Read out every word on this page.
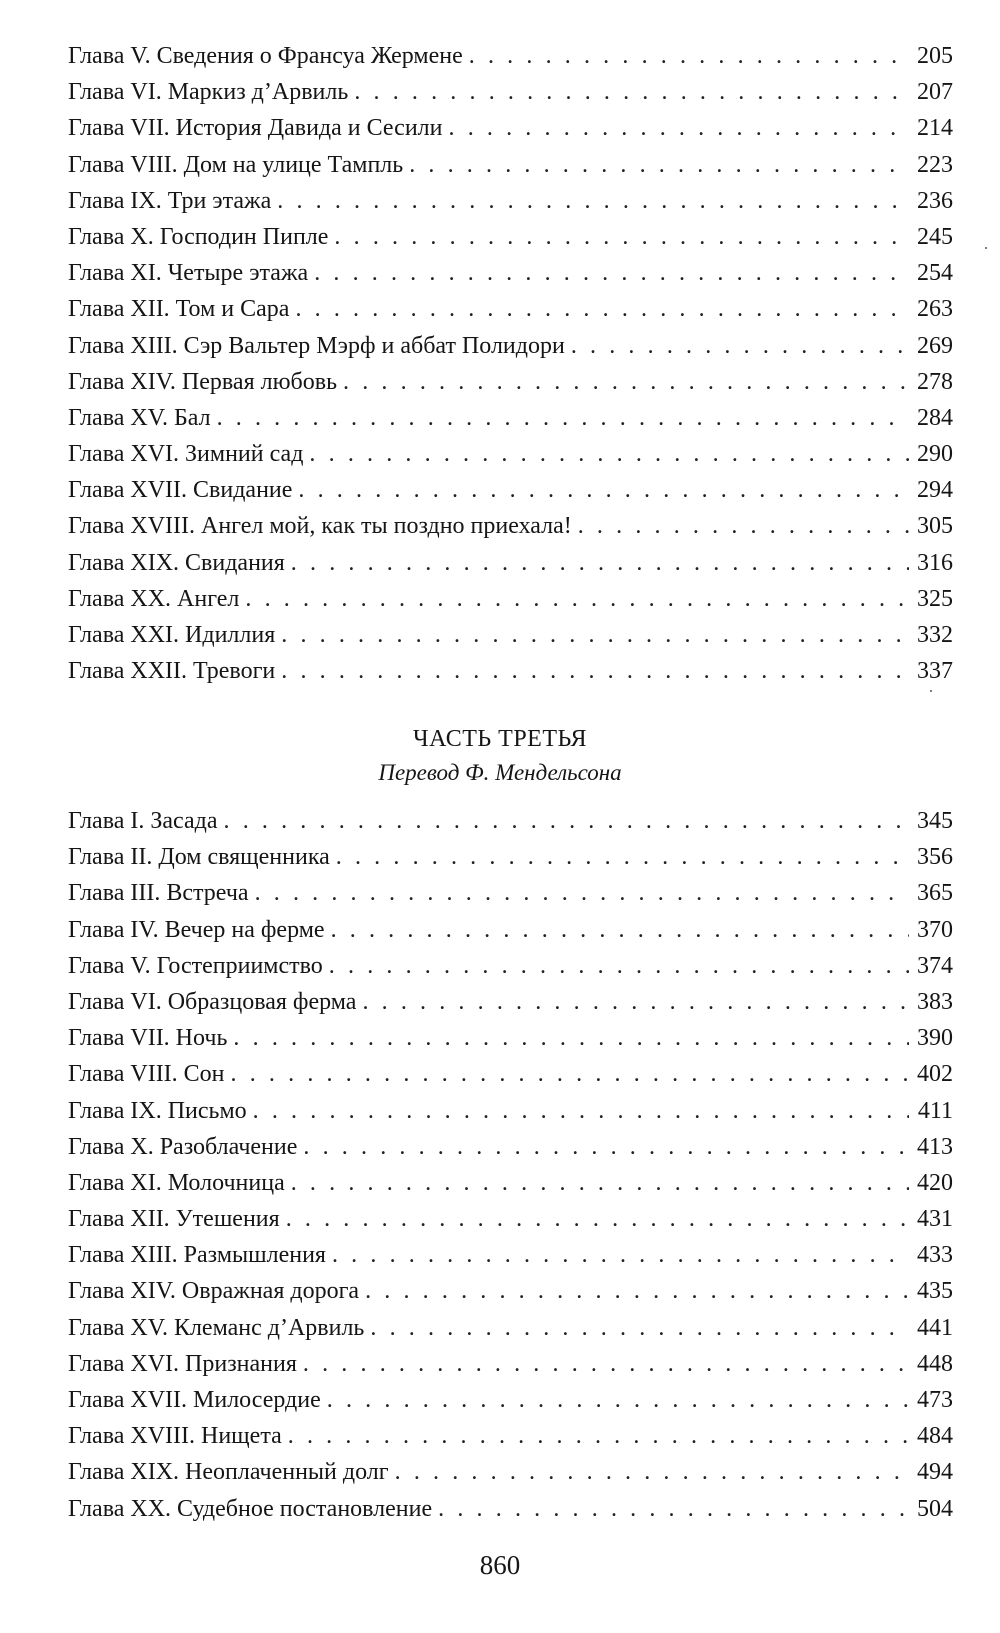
Глава V. Сведения о Франсуа Жермене . . .	205
Глава VI. Маркиз д’Арвиль . . .	207
Глава VII. История Давида и Сесили . . .	214
Глава VIII. Дом на улице Тампль . . .	223
Глава IX. Три этажа . . .	236
Глава X. Господин Пипле . . .	245
Глава XI. Четыре этажа . . .	254
Глава XII. Том и Сара . . .	263
Глава XIII. Сэр Вальтер Мэрф и аббат Полидори . . .	269
Глава XIV. Первая любовь . . .	278
Глава XV. Бал . . .	284
Глава XVI. Зимний сад . . .	290
Глава XVII. Свидание . . .	294
Глава XVIII. Ангел мой, как ты поздно приехала! . . .	305
Глава XIX. Свидания . . .	316
Глава XX. Ангел . . .	325
Глава XXI. Идиллия . . .	332
Глава XXII. Тревоги . . .	337
ЧАСТЬ ТРЕТЬЯ
Перевод Ф. Мендельсона
Глава I. Засада . . .	345
Глава II. Дом священника . . .	356
Глава III. Встреча . . .	365
Глава IV. Вечер на ферме . . .	370
Глава V. Гостеприимство . . .	374
Глава VI. Образцовая ферма . . .	383
Глава VII. Ночь . . .	390
Глава VIII. Сон . . .	402
Глава IX. Письмо . . .	411
Глава X. Разоблачение . . .	413
Глава XI. Молочница . . .	420
Глава XII. Утешения . . .	431
Глава XIII. Размышления . . .	433
Глава XIV. Овражная дорога . . .	435
Глава XV. Клеманс д’Арвиль . . .	441
Глава XVI. Признания . . .	448
Глава XVII. Милосердие . . .	473
Глава XVIII. Нищета . . .	484
Глава XIX. Неоплаченный долг . . .	494
Глава XX. Судебное постановление . . .	504
860
